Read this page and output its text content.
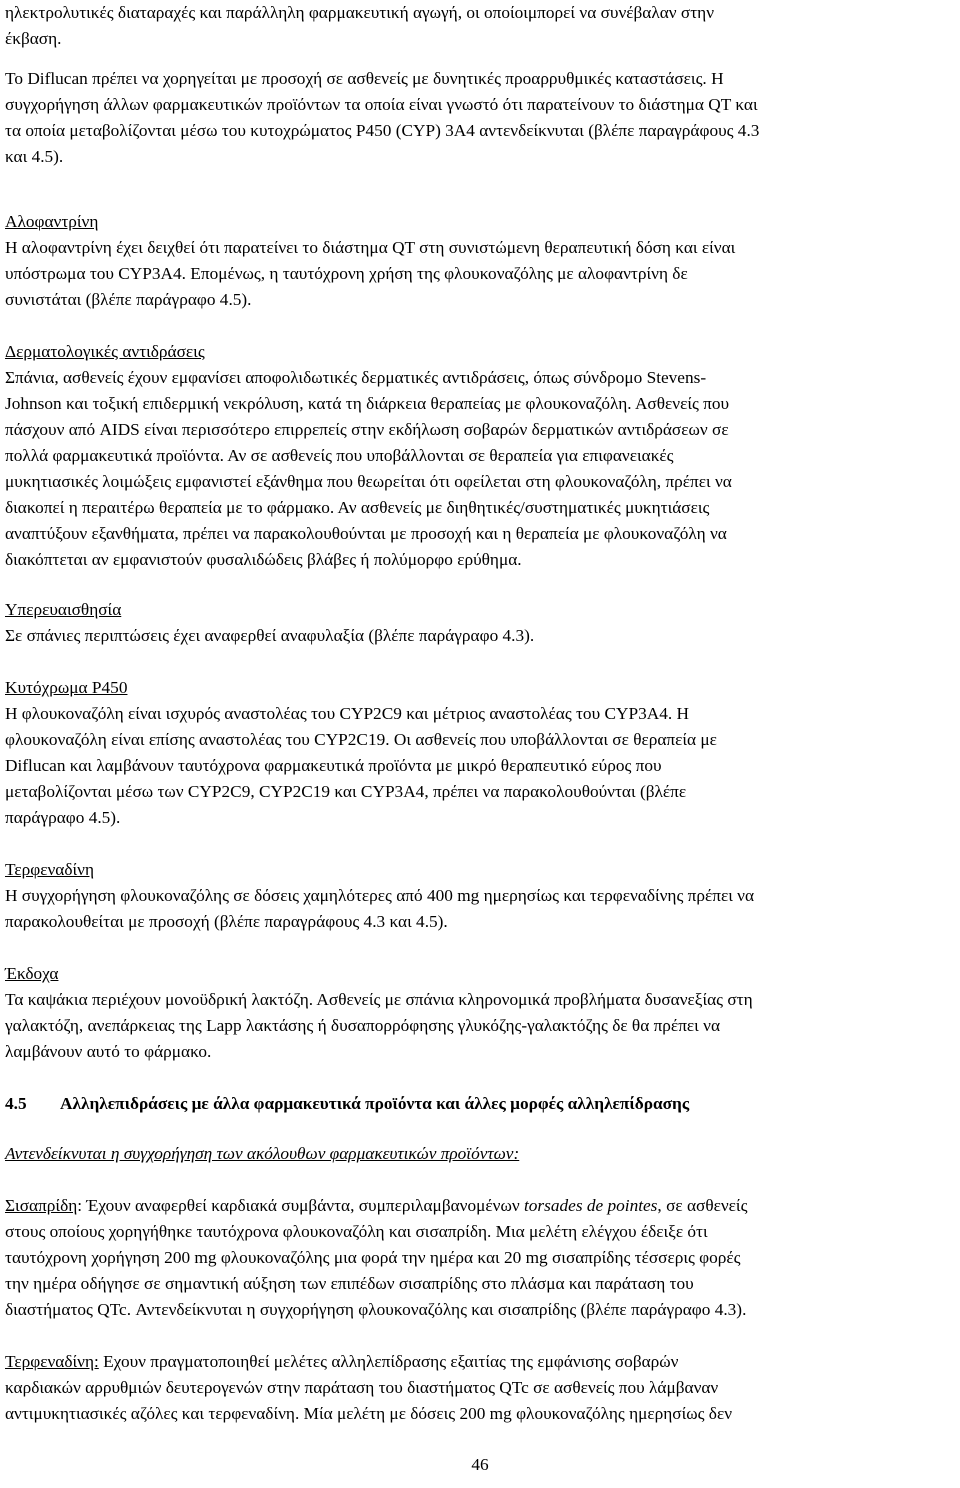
ηλεκτρολυτικές διαταραχές και παράλληλη φαρμακευτική αγωγή, οι οποίοιμπορεί να συνέβαλαν στην

έκβαση.

Το Diflucan πρέπει να χορηγείται με προσοχή σε ασθενείς με δυνητικές προαρρυθμικές καταστάσεις. Η

συγχορήγηση άλλων φαρμακευτικών προϊόντων τα οποία είναι γνωστό ότι παρατείνουν το διάστημα QT και

τα οποία μεταβολίζονται μέσω του κυτοχρώματος P450 (CYP) 3A4 αντενδείκνυται (βλέπε παραγράφους 4.3

και 4.5).

Αλοφαντρίνη

Η αλοφαντρίνη έχει δειχθεί ότι παρατείνει το διάστημα QT στη συνιστώμενη θεραπευτική δόση και είναι

υπόστρωμα του CYP3A4. Επομένως, η ταυτόχρονη χρήση της φλουκοναζόλης με αλοφαντρίνη δε

συνιστάται (βλέπε παράγραφο 4.5).

Δερματολογικές αντιδράσεις

Σπάνια, ασθενείς έχουν εμφανίσει αποφολιδωτικές δερματικές αντιδράσεις, όπως σύνδρομο Stevens-

Johnson και τοξική επιδερμική νεκρόλυση, κατά τη διάρκεια θεραπείας με φλουκοναζόλη. Ασθενείς που

πάσχουν από AIDS είναι περισσότερο επιρρεπείς στην εκδήλωση σοβαρών δερματικών αντιδράσεων σε

πολλά φαρμακευτικά προϊόντα. Αν σε ασθενείς που υποβάλλονται σε θεραπεία για επιφανειακές

μυκητιασικές λοιμώξεις εμφανιστεί εξάνθημα που θεωρείται ότι οφείλεται στη φλουκοναζόλη, πρέπει να

διακοπεί η περαιτέρω θεραπεία με το φάρμακο. Αν ασθενείς με διηθητικές/συστηματικές μυκητιάσεις

αναπτύξουν εξανθήματα, πρέπει να παρακολουθούνται με προσοχή και η θεραπεία με φλουκοναζόλη να

διακόπτεται αν εμφανιστούν φυσαλιδώδεις βλάβες ή πολύμορφο ερύθημα.

Υπερευαισθησία

Σε σπάνιες περιπτώσεις έχει αναφερθεί αναφυλαξία (βλέπε παράγραφο 4.3).

Κυτόχρωμα P450

Η φλουκοναζόλη είναι ισχυρός αναστολέας του CYP2C9 και μέτριος αναστολέας του CYP3A4. Η

φλουκοναζόλη είναι επίσης αναστολέας του CYP2C19. Οι ασθενείς που υποβάλλονται σε θεραπεία με

Diflucan και λαμβάνουν ταυτόχρονα φαρμακευτικά προϊόντα με μικρό θεραπευτικό εύρος που

μεταβολίζονται μέσω των CYP2C9, CYP2C19 και CYP3A4, πρέπει να παρακολουθούνται (βλέπε

παράγραφο 4.5).

Τερφεναδίνη

Η συγχορήγηση φλουκοναζόλης σε δόσεις χαμηλότερες από 400 mg ημερησίως και τερφεναδίνης πρέπει να

παρακολουθείται με προσοχή (βλέπε παραγράφους 4.3 και 4.5).

Έκδοχα

Τα καψάκια περιέχουν μονοϋδρική λακτόζη. Ασθενείς με σπάνια κληρονομικά προβλήματα δυσανεξίας στη

γαλακτόζη, ανεπάρκειας της Lapp λακτάσης ή δυσαπορρόφησης γλυκόζης-γαλακτόζης δε θα πρέπει να

λαμβάνουν αυτό το φάρμακο.

4.5 Αλληλεπιδράσεις με άλλα φαρμακευτικά προϊόντα και άλλες μορφές αλληλεπίδρασης

Αντενδείκνυται η συγχορήγηση των ακόλουθων φαρμακευτικών προϊόντων:

Σισαπρίδη: Έχουν αναφερθεί καρδιακά συμβάντα, συμπεριλαμβανομένων torsades de pointes, σε ασθενείς

στους οποίους χορηγήθηκε ταυτόχρονα φλουκοναζόλη και σισαπρίδη. Μια μελέτη ελέγχου έδειξε ότι

ταυτόχρονη χορήγηση 200 mg φλουκοναζόλης μια φορά την ημέρα και 20 mg σισαπρίδης τέσσερις φορές

την ημέρα οδήγησε σε σημαντική αύξηση των επιπέδων σισαπρίδης στο πλάσμα και παράταση του

διαστήματος QTc. Αντενδείκνυται η συγχορήγηση φλουκοναζόλης και σισαπρίδης (βλέπε παράγραφο 4.3).

Τερφεναδίνη: Εχουν πραγματοποιηθεί μελέτες αλληλεπίδρασης εξαιτίας της εμφάνισης σοβαρών

καρδιακών αρρυθμιών δευτερογενών στην παράταση του διαστήματος QTc σε ασθενείς που λάμβαναν

αντιμυκητιασικές αζόλες και τερφεναδίνη. Μία μελέτη με δόσεις 200 mg φλουκοναζόλης ημερησίως δεν

46
